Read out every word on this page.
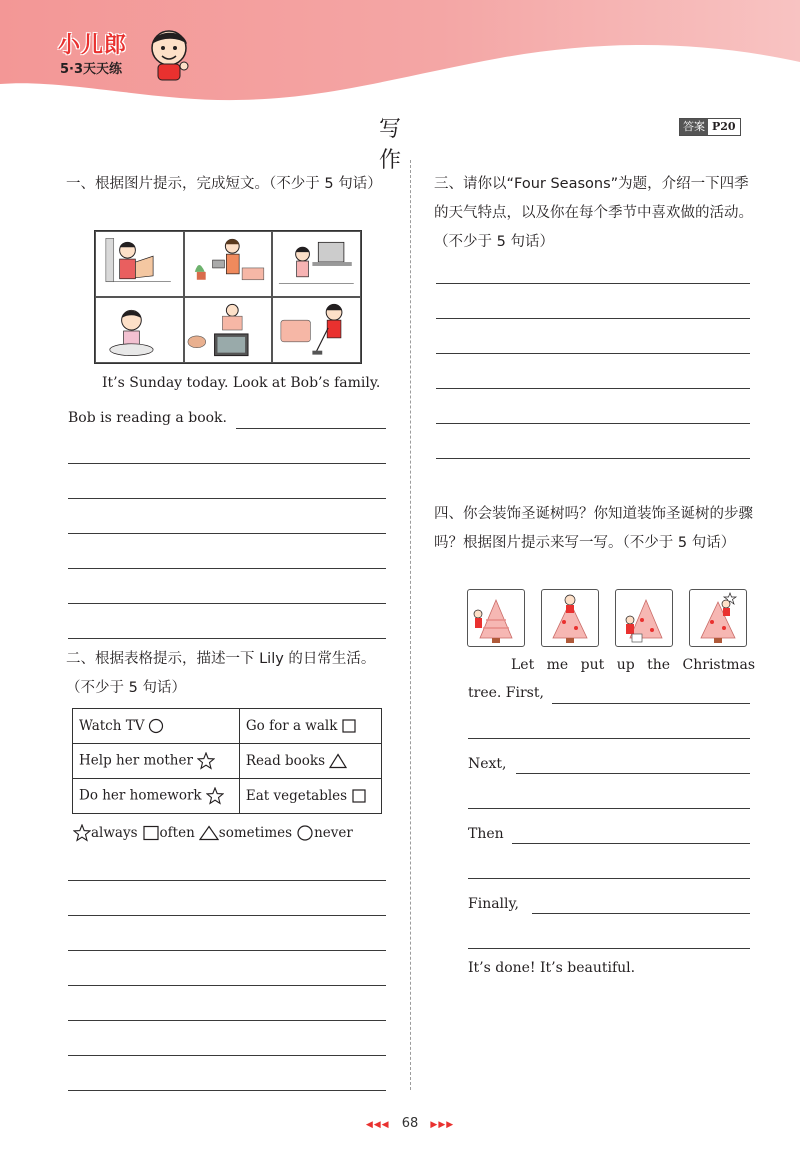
小儿郎
5·3天天练
写 作
答案 P20
一、根据图片提示，完成短文。（不少于 5 句话）
It’s Sunday today. Look at Bob’s family.
Bob is reading a book.
二、根据表格提示，描述一下 Lily 的日常生活。（不少于 5 句话）
Watch TV	Go for a walk
Help her mother	Read books
Do her homework	Eat vegetables
always often sometimes never
三、请你以“Four Seasons”为题，介绍一下四季的天气特点，以及你在每个季节中喜欢做的活动。（不少于 5 句话）
四、你会装饰圣诞树吗？你知道装饰圣诞树的步骤吗？根据图片提示来写一写。（不少于 5 句话）
Let me put up the Christmas
tree. First,
Next,
Then
Finally,
It’s done! It’s beautiful.
◀◀◀ 68 ▶▶▶
